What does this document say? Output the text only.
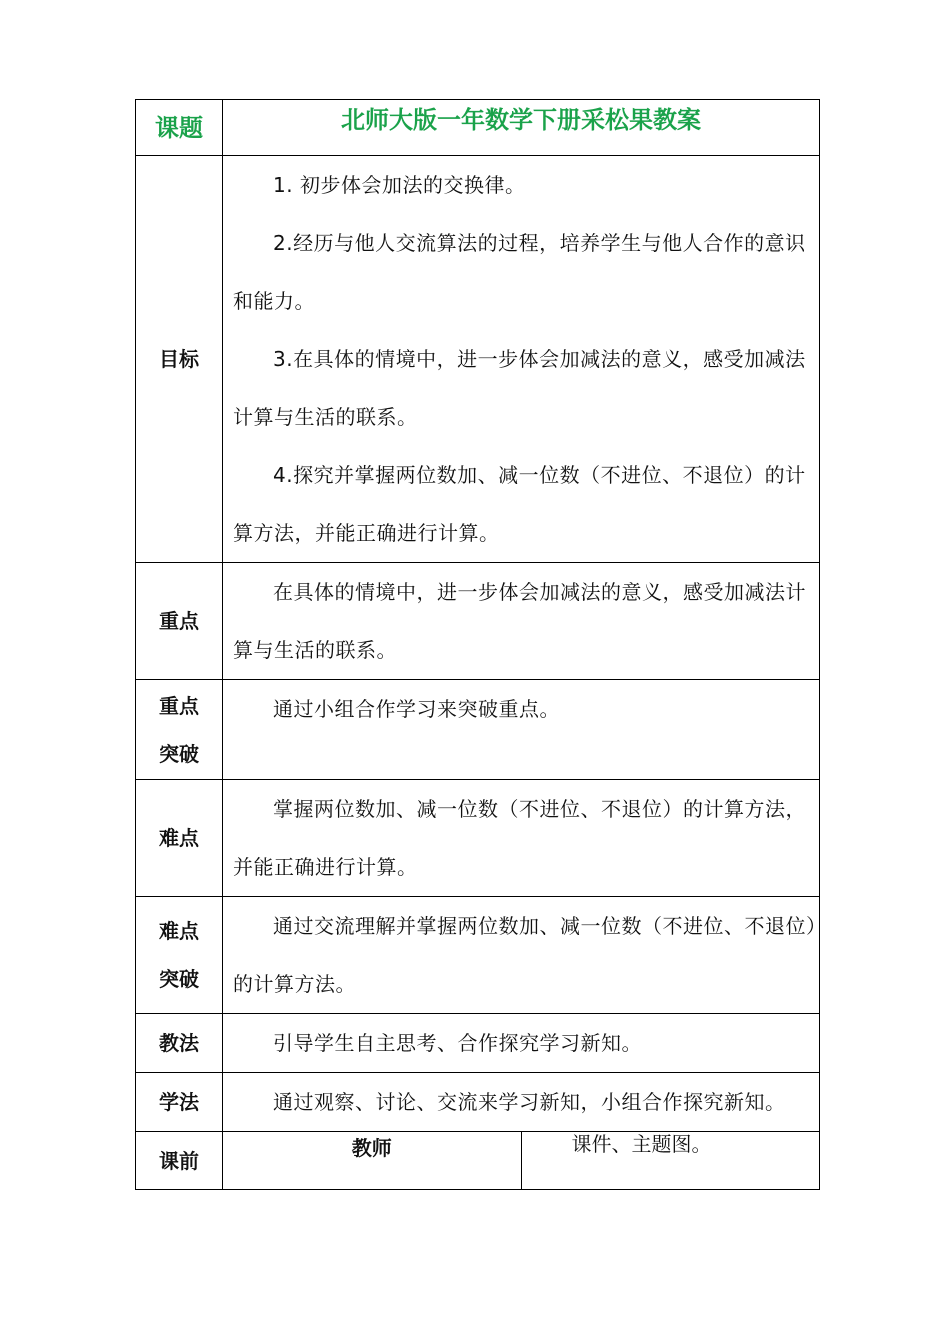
课题	北师大版一年数学下册采松果教案	
目标	1. 初步体会加法的交换律。

2.经历与他人交流算法的过程，培养学生与他人合作的意识和能力。

3.在具体的情境中，进一步体会加减法的意义，感受加减法计算与生活的联系。

4.探究并掌握两位数加、减一位数（不进位、不退位）的计算方法，并能正确进行计算。	

重点	在具体的情境中，进一步体会加减法的意义，感受加减法计算与生活的联系。	

重点
突破	通过小组合作学习来突破重点。	

难点	掌握两位数加、减一位数（不进位、不退位）的计算方法，并能正确进行计算。	

难点
突破	通过交流理解并掌握两位数加、减一位数（不进位、不退位）的计算方法。	

教法	引导学生自主思考、合作探究学习新知。	

学法	通过观察、讨论、交流来学习新知，小组合作探究新知。	

课前	教师	课件、主题图。
